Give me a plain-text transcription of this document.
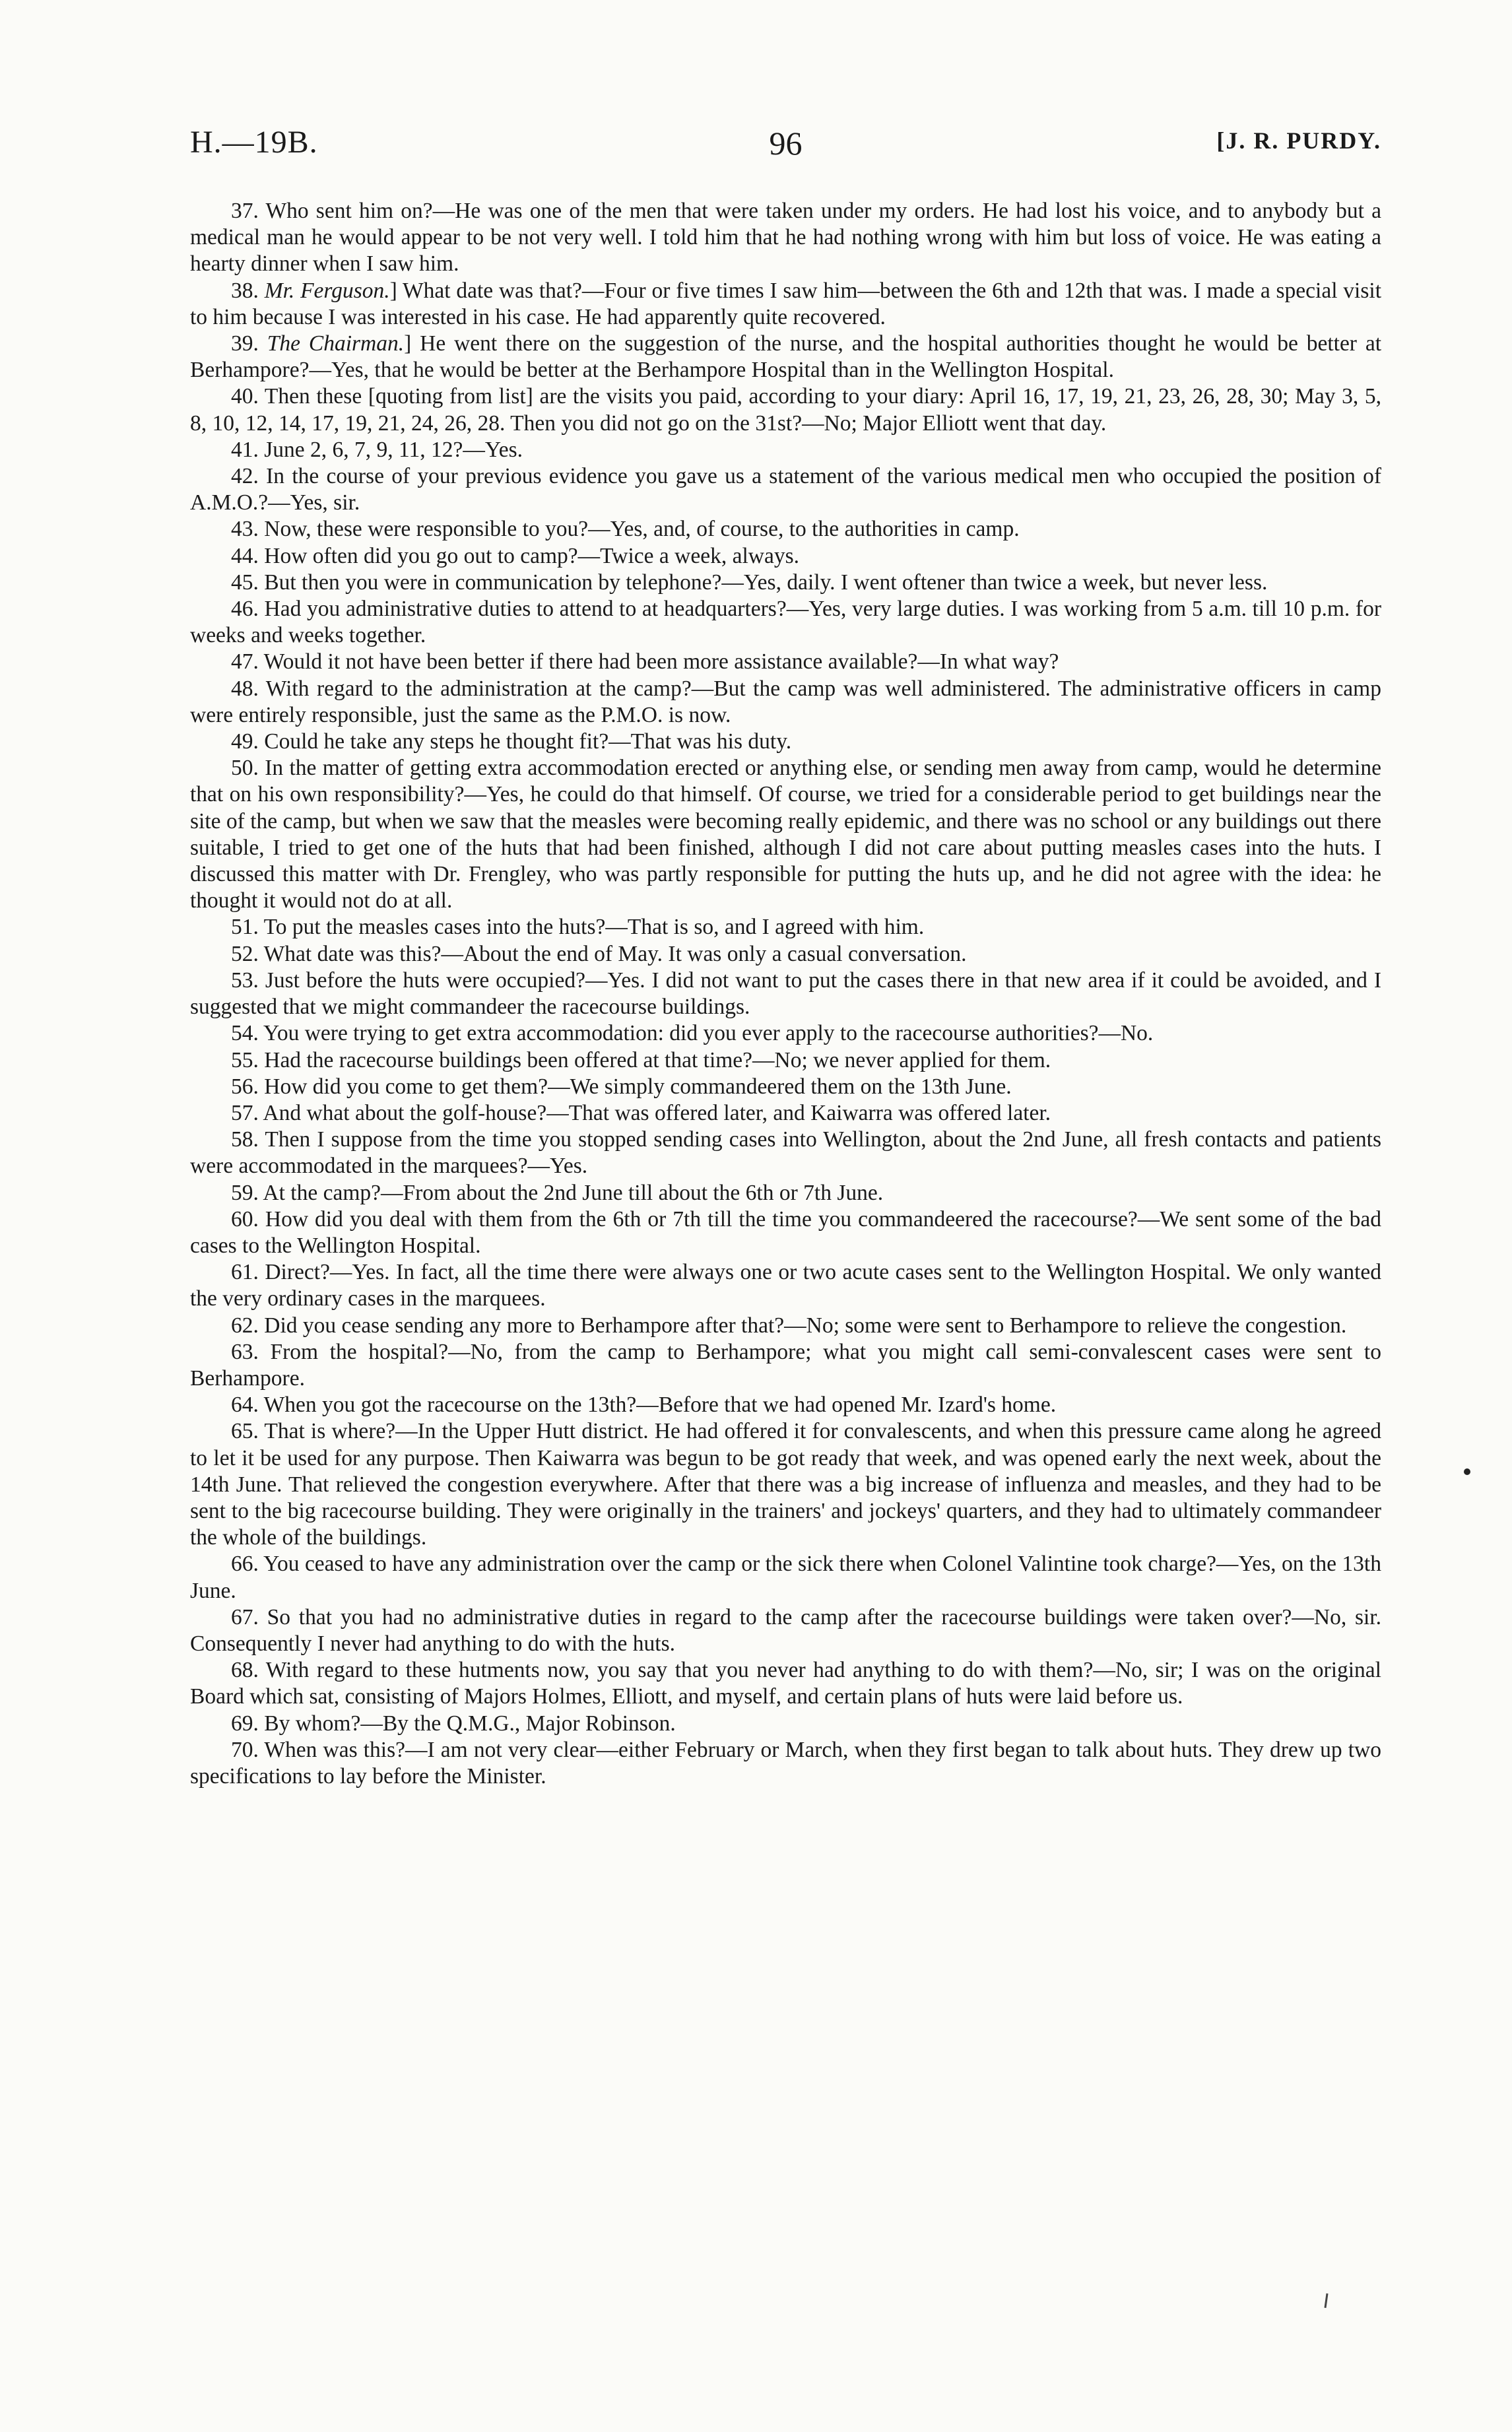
H.—19B.	96	[J. R. PURDY.

37. Who sent him on?—He was one of the men that were taken under my orders. He had lost his voice, and to anybody but a medical man he would appear to be not very well. I told him that he had nothing wrong with him but loss of voice. He was eating a hearty dinner when I saw him.

38. Mr. Ferguson.] What date was that?—Four or five times I saw him—between the 6th and 12th that was. I made a special visit to him because I was interested in his case. He had apparently quite recovered.

39. The Chairman.] He went there on the suggestion of the nurse, and the hospital authorities thought he would be better at Berhampore?—Yes, that he would be better at the Berhampore Hospital than in the Wellington Hospital.

40. Then these [quoting from list] are the visits you paid, according to your diary: April 16, 17, 19, 21, 23, 26, 28, 30; May 3, 5, 8, 10, 12, 14, 17, 19, 21, 24, 26, 28. Then you did not go on the 31st?—No; Major Elliott went that day.

41. June 2, 6, 7, 9, 11, 12?—Yes.

42. In the course of your previous evidence you gave us a statement of the various medical men who occupied the position of A.M.O.?—Yes, sir.

43. Now, these were responsible to you?—Yes, and, of course, to the authorities in camp.

44. How often did you go out to camp?—Twice a week, always.

45. But then you were in communication by telephone?—Yes, daily. I went oftener than twice a week, but never less.

46. Had you administrative duties to attend to at headquarters?—Yes, very large duties. I was working from 5 a.m. till 10 p.m. for weeks and weeks together.

47. Would it not have been better if there had been more assistance available?—In what way?

48. With regard to the administration at the camp?—But the camp was well administered. The administrative officers in camp were entirely responsible, just the same as the P.M.O. is now.

49. Could he take any steps he thought fit?—That was his duty.

50. In the matter of getting extra accommodation erected or anything else, or sending men away from camp, would he determine that on his own responsibility?—Yes, he could do that himself. Of course, we tried for a considerable period to get buildings near the site of the camp, but when we saw that the measles were becoming really epidemic, and there was no school or any buildings out there suitable, I tried to get one of the huts that had been finished, although I did not care about putting measles cases into the huts. I discussed this matter with Dr. Frengley, who was partly responsible for putting the huts up, and he did not agree with the idea: he thought it would not do at all.

51. To put the measles cases into the huts?—That is so, and I agreed with him.

52. What date was this?—About the end of May. It was only a casual conversation.

53. Just before the huts were occupied?—Yes. I did not want to put the cases there in that new area if it could be avoided, and I suggested that we might commandeer the racecourse buildings.

54. You were trying to get extra accommodation: did you ever apply to the racecourse authorities?—No.

55. Had the racecourse buildings been offered at that time?—No; we never applied for them.

56. How did you come to get them?—We simply commandeered them on the 13th June.

57. And what about the golf-house?—That was offered later, and Kaiwarra was offered later.

58. Then I suppose from the time you stopped sending cases into Wellington, about the 2nd June, all fresh contacts and patients were accommodated in the marquees?—Yes.

59. At the camp?—From about the 2nd June till about the 6th or 7th June.

60. How did you deal with them from the 6th or 7th till the time you commandeered the racecourse?—We sent some of the bad cases to the Wellington Hospital.

61. Direct?—Yes. In fact, all the time there were always one or two acute cases sent to the Wellington Hospital. We only wanted the very ordinary cases in the marquees.

62. Did you cease sending any more to Berhampore after that?—No; some were sent to Berhampore to relieve the congestion.

63. From the hospital?—No, from the camp to Berhampore; what you might call semi-convalescent cases were sent to Berhampore.

64. When you got the racecourse on the 13th?—Before that we had opened Mr. Izard's home.

65. That is where?—In the Upper Hutt district. He had offered it for convalescents, and when this pressure came along he agreed to let it be used for any purpose. Then Kaiwarra was begun to be got ready that week, and was opened early the next week, about the 14th June. That relieved the congestion everywhere. After that there was a big increase of influenza and measles, and they had to be sent to the big racecourse building. They were originally in the trainers' and jockeys' quarters, and they had to ultimately commandeer the whole of the buildings.

66. You ceased to have any administration over the camp or the sick there when Colonel Valintine took charge?—Yes, on the 13th June.

67. So that you had no administrative duties in regard to the camp after the racecourse buildings were taken over?—No, sir. Consequently I never had anything to do with the huts.

68. With regard to these hutments now, you say that you never had anything to do with them?—No, sir; I was on the original Board which sat, consisting of Majors Holmes, Elliott, and myself, and certain plans of huts were laid before us.

69. By whom?—By the Q.M.G., Major Robinson.

70. When was this?—I am not very clear—either February or March, when they first began to talk about huts. They drew up two specifications to lay before the Minister.
